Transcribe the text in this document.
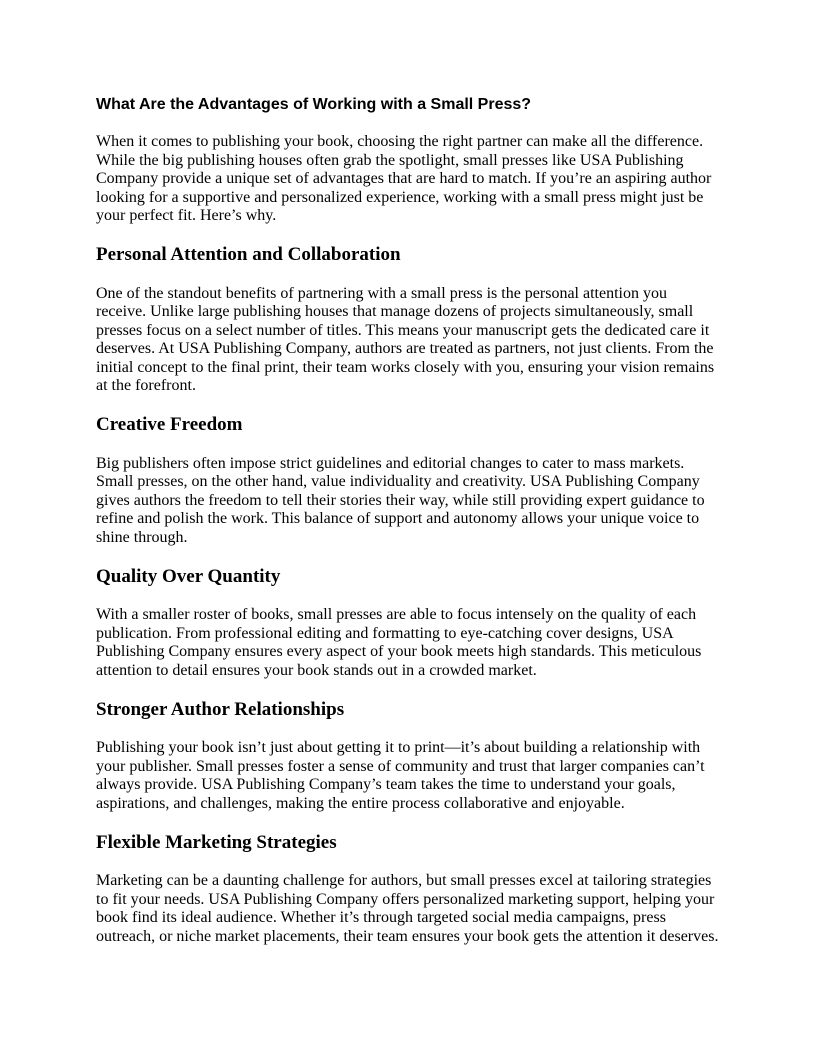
What Are the Advantages of Working with a Small Press?

When it comes to publishing your book, choosing the right partner can make all the difference. While the big publishing houses often grab the spotlight, small presses like USA Publishing Company provide a unique set of advantages that are hard to match. If you’re an aspiring author looking for a supportive and personalized experience, working with a small press might just be your perfect fit. Here’s why.

Personal Attention and Collaboration

One of the standout benefits of partnering with a small press is the personal attention you receive. Unlike large publishing houses that manage dozens of projects simultaneously, small presses focus on a select number of titles. This means your manuscript gets the dedicated care it deserves. At USA Publishing Company, authors are treated as partners, not just clients. From the initial concept to the final print, their team works closely with you, ensuring your vision remains at the forefront.

Creative Freedom

Big publishers often impose strict guidelines and editorial changes to cater to mass markets. Small presses, on the other hand, value individuality and creativity. USA Publishing Company gives authors the freedom to tell their stories their way, while still providing expert guidance to refine and polish the work. This balance of support and autonomy allows your unique voice to shine through.

Quality Over Quantity

With a smaller roster of books, small presses are able to focus intensely on the quality of each publication. From professional editing and formatting to eye-catching cover designs, USA Publishing Company ensures every aspect of your book meets high standards. This meticulous attention to detail ensures your book stands out in a crowded market.

Stronger Author Relationships

Publishing your book isn’t just about getting it to print—it’s about building a relationship with your publisher. Small presses foster a sense of community and trust that larger companies can’t always provide. USA Publishing Company’s team takes the time to understand your goals, aspirations, and challenges, making the entire process collaborative and enjoyable.

Flexible Marketing Strategies

Marketing can be a daunting challenge for authors, but small presses excel at tailoring strategies to fit your needs. USA Publishing Company offers personalized marketing support, helping your book find its ideal audience. Whether it’s through targeted social media campaigns, press outreach, or niche market placements, their team ensures your book gets the attention it deserves.
